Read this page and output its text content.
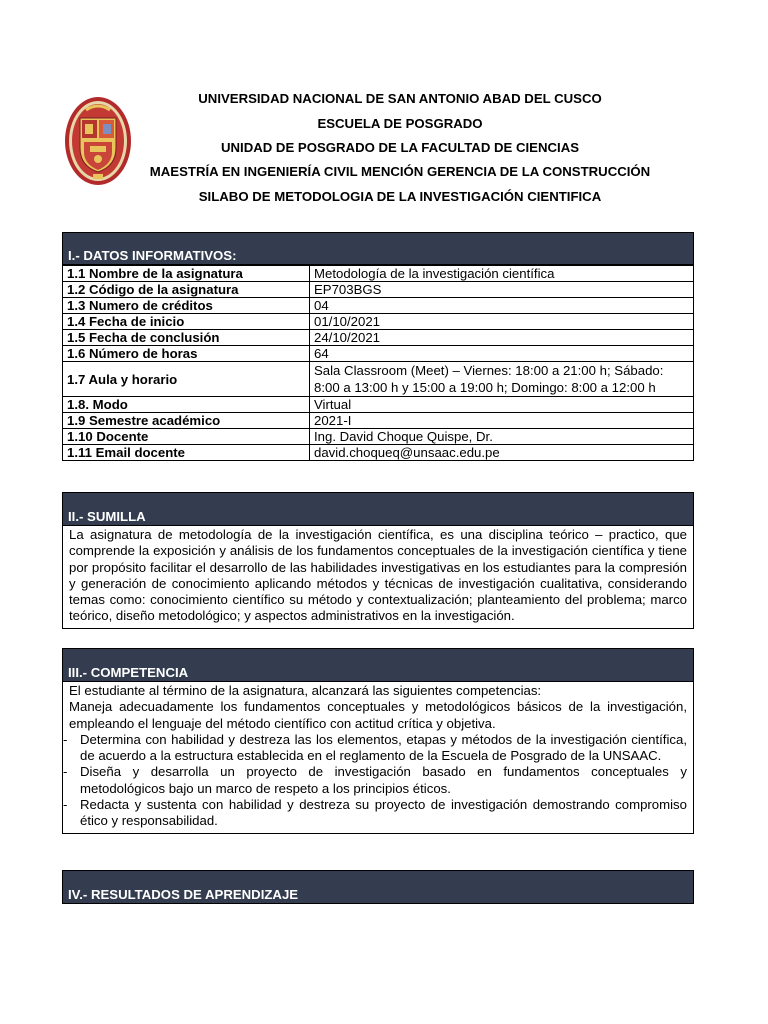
UNIVERSIDAD NACIONAL DE SAN ANTONIO ABAD DEL CUSCO
ESCUELA DE POSGRADO
UNIDAD DE POSGRADO DE LA FACULTAD DE CIENCIAS
MAESTRÍA EN INGENIERÍA CIVIL MENCIÓN GERENCIA DE LA CONSTRUCCIÓN
SILABO DE METODOLOGIA DE LA INVESTIGACIÓN CIENTIFICA
I.- DATOS INFORMATIVOS:
1.1 Nombre de la asignatura	Metodología de la investigación científica
1.2 Código de la asignatura	EP703BGS
1.3 Numero de créditos	04
1.4 Fecha de inicio	01/10/2021
1.5 Fecha de conclusión	24/10/2021
1.6 Número de horas	64
1.7 Aula y horario	Sala Classroom (Meet) – Viernes: 18:00 a 21:00 h; Sábado: 8:00 a 13:00 h y 15:00 a 19:00 h; Domingo: 8:00 a 12:00 h
1.8. Modo	Virtual
1.9 Semestre académico	2021-I
1.10 Docente	Ing. David Choque Quispe, Dr.
1.11 Email docente	david.choqueq@unsaac.edu.pe
II.- SUMILLA
La asignatura de metodología de la investigación científica, es una disciplina teórico – practico, que comprende la exposición y análisis de los fundamentos conceptuales de la investigación científica y tiene por propósito facilitar el desarrollo de las habilidades investigativas en los estudiantes para la compresión y generación de conocimiento aplicando métodos y técnicas de investigación cualitativa, considerando temas como: conocimiento científico su método y contextualización; planteamiento del problema; marco teórico, diseño metodológico; y aspectos administrativos en la investigación.
III.- COMPETENCIA
El estudiante al término de la asignatura, alcanzará las siguientes competencias:
Maneja adecuadamente los fundamentos conceptuales y metodológicos básicos de la investigación, empleando el lenguaje del método científico con actitud crítica y objetiva.
- Determina con habilidad y destreza las los elementos, etapas y métodos de la investigación científica, de acuerdo a la estructura establecida en el reglamento de la Escuela de Posgrado de la UNSAAC.
- Diseña y desarrolla un proyecto de investigación basado en fundamentos conceptuales y metodológicos bajo un marco de respeto a los principios éticos.
- Redacta y sustenta con habilidad y destreza su proyecto de investigación demostrando compromiso ético y responsabilidad.
IV.- RESULTADOS DE APRENDIZAJE
